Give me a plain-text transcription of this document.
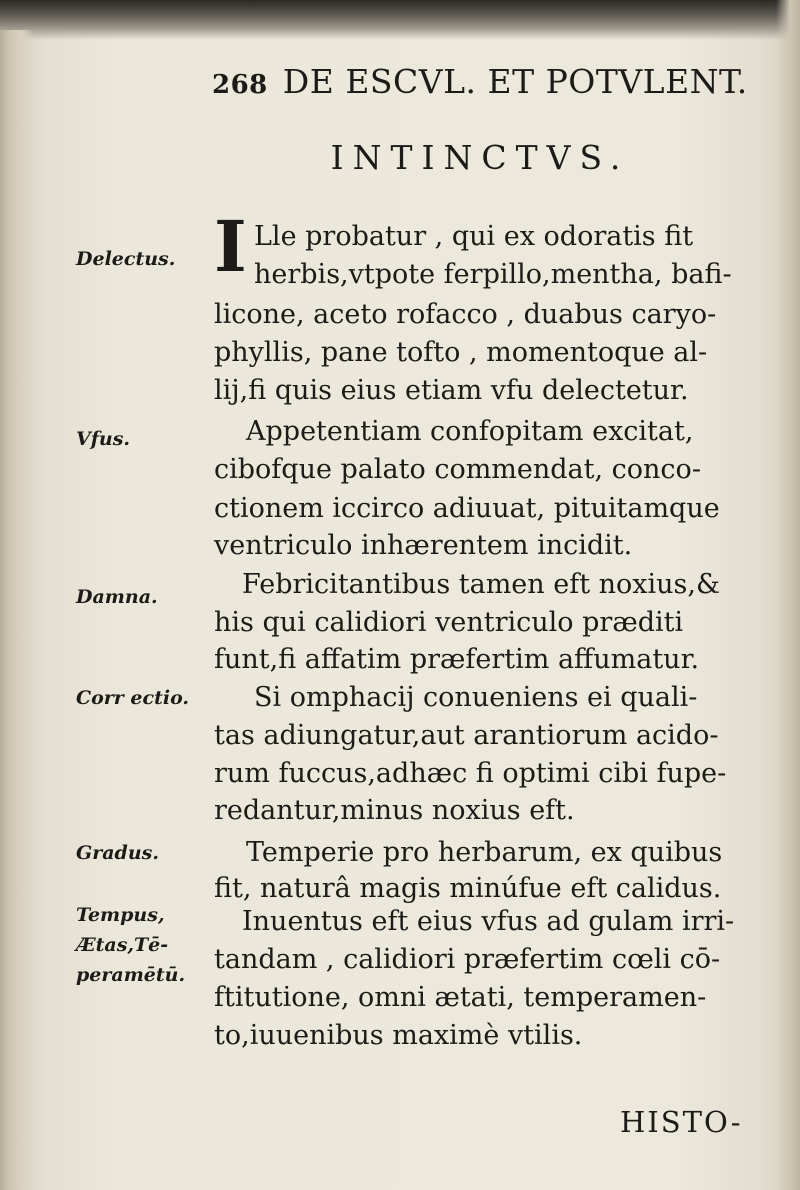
268 DE ESCVL. ET POTVLENT.
INTINCTVS.
I Lle probatur , qui ex odoratis fit
herbis,vtpote ferpillo,mentha, bafi-
licone, aceto rofacco , duabus caryo-
phyllis, pane tofto , momentoque al-
lij,fi quis eius etiam vfu delectetur.
Appetentiam confopitam excitat,
cibofque palato commendat, conco-
ctionem iccirco adiuuat, pituitamque
ventriculo inhærentem incidit.
Febricitantibus tamen eft noxius,&
his qui calidiori ventriculo præditi
funt,fi affatim præfertim affumatur.
Si omphacij conueniens ei quali-
tas adiungatur,aut arantiorum acido-
rum fuccus,adhæc fi optimi cibi fupe-
redantur,minus noxius eft.
Temperie pro herbarum, ex quibus
fit, naturâ magis minúfue eft calidus.
Inuentus eft eius vfus ad gulam irri-
tandam , calidiori præfertim cœli cō-
ftitutione, omni ætati, temperamen-
to,iuuenibus maximè vtilis.
Delectus.
Vfus.
Damna.
Corr ectio.
Gradus.
Tempus,
Ætas,Tē-
peramētū.
HISTO-
